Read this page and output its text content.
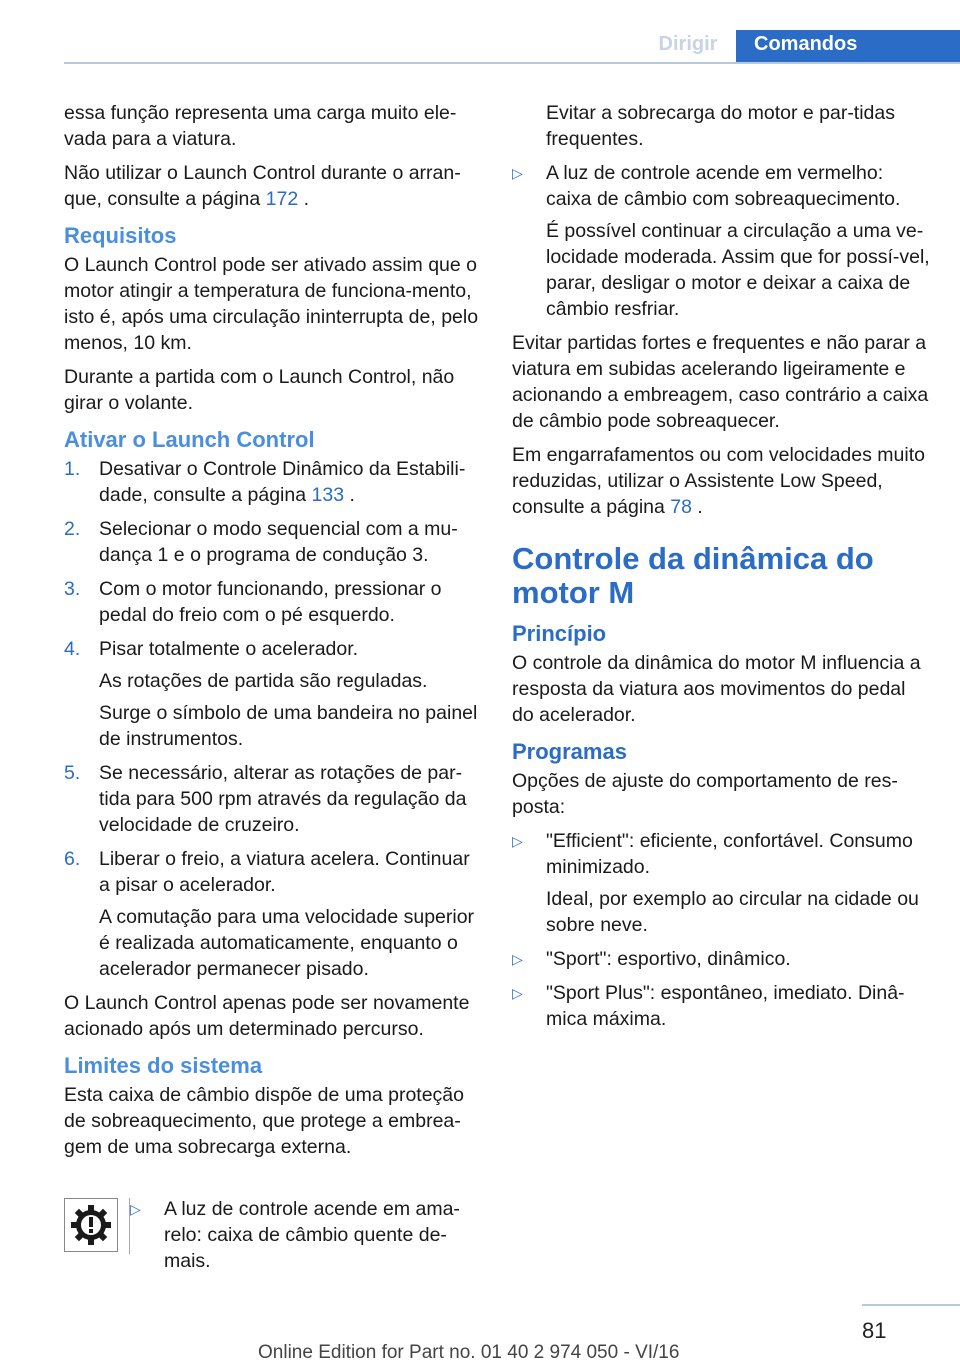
Dirigir	Comandos

essa função representa uma carga muito ele-vada para a viatura.

Não utilizar o Launch Control durante o arran-que, consulte a página 172 .

Requisitos

O Launch Control pode ser ativado assim que o motor atingir a temperatura de funciona-mento, isto é, após uma circulação ininterrupta de, pelo menos, 10 km.

Durante a partida com o Launch Control, não girar o volante.

Ativar o Launch Control
1. Desativar o Controle Dinâmico da Estabili-dade, consulte a página 133 .

2. Selecionar o modo sequencial com a mu-dança 1 e o programa de condução 3.

3. Com o motor funcionando, pressionar o pedal do freio com o pé esquerdo.

4. Pisar totalmente o acelerador.

As rotações de partida são reguladas.

Surge o símbolo de uma bandeira no painel de instrumentos.

5. Se necessário, alterar as rotações de par-tida para 500 rpm através da regulação da velocidade de cruzeiro.

6. Liberar o freio, a viatura acelera. Continuar a pisar o acelerador.

A comutação para uma velocidade superior é realizada automaticamente, enquanto o acelerador permanecer pisado.

O Launch Control apenas pode ser novamente acionado após um determinado percurso.

Limites do sistema

Esta caixa de câmbio dispõe de uma proteção de sobreaquecimento, que protege a embrea-gem de uma sobrecarga externa.

▷	A luz de controle acende em ama-relo: caixa de câmbio quente de-mais.

Evitar a sobrecarga do motor e par-tidas frequentes.

▷ A luz de controle acende em vermelho: caixa de câmbio com sobreaquecimento.

É possível continuar a circulação a uma ve-locidade moderada. Assim que for possí-vel, parar, desligar o motor e deixar a caixa de câmbio resfriar.

Evitar partidas fortes e frequentes e não parar a viatura em subidas acelerando ligeiramente e acionando a embreagem, caso contrário a caixa de câmbio pode sobreaquecer.

Em engarrafamentos ou com velocidades muito reduzidas, utilizar o Assistente Low Speed, consulte a página 78 .

Controle da dinâmica do motor M
Princípio

O controle da dinâmica do motor M influencia a resposta da viatura aos movimentos do pedal do acelerador.

Programas

Opções de ajuste do comportamento de res-posta:

▷ "Efficient": eficiente, confortável. Consumo minimizado.

Ideal, por exemplo ao circular na cidade ou sobre neve.

▷ "Sport": esportivo, dinâmico.

▷ "Sport Plus": espontâneo, imediato. Dinâ-mica máxima.

81
Online Edition for Part no. 01 40 2 974 050 - VI/16
